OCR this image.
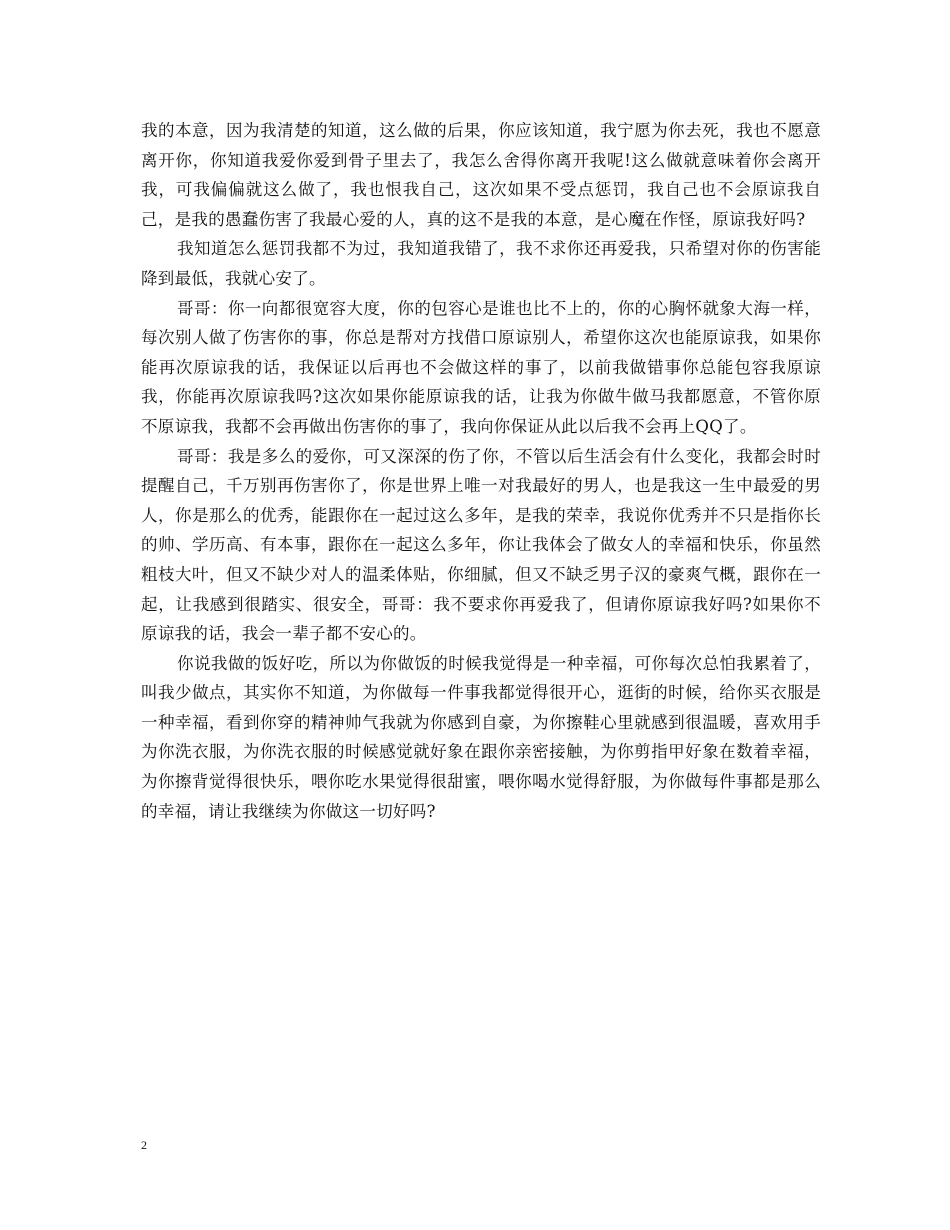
我的本意，因为我清楚的知道，这么做的后果，你应该知道，我宁愿为你去死，我也不愿意离开你，你知道我爱你爱到骨子里去了，我怎么舍得你离开我呢!这么做就意味着你会离开我，可我偏偏就这么做了，我也恨我自己，这次如果不受点惩罚，我自己也不会原谅我自己，是我的愚蠢伤害了我最心爱的人，真的这不是我的本意，是心魔在作怪，原谅我好吗?

我知道怎么惩罚我都不为过，我知道我错了，我不求你还再爱我，只希望对你的伤害能降到最低，我就心安了。

哥哥：你一向都很宽容大度，你的包容心是谁也比不上的，你的心胸怀就象大海一样，每次别人做了伤害你的事，你总是帮对方找借口原谅别人，希望你这次也能原谅我，如果你能再次原谅我的话，我保证以后再也不会做这样的事了，以前我做错事你总能包容我原谅我，你能再次原谅我吗?这次如果你能原谅我的话，让我为你做牛做马我都愿意，不管你原不原谅我，我都不会再做出伤害你的事了，我向你保证从此以后我不会再上QQ了。

哥哥：我是多么的爱你，可又深深的伤了你，不管以后生活会有什么变化，我都会时时提醒自己，千万别再伤害你了，你是世界上唯一对我最好的男人，也是我这一生中最爱的男人，你是那么的优秀，能跟你在一起过这么多年，是我的荣幸，我说你优秀并不只是指你长的帅、学历高、有本事，跟你在一起这么多年，你让我体会了做女人的幸福和快乐，你虽然粗枝大叶，但又不缺少对人的温柔体贴，你细腻，但又不缺乏男子汉的豪爽气概，跟你在一起，让我感到很踏实、很安全，哥哥：我不要求你再爱我了，但请你原谅我好吗?如果你不原谅我的话，我会一辈子都不安心的。

你说我做的饭好吃，所以为你做饭的时候我觉得是一种幸福，可你每次总怕我累着了，叫我少做点，其实你不知道，为你做每一件事我都觉得很开心，逛街的时候，给你买衣服是一种幸福，看到你穿的精神帅气我就为你感到自豪，为你擦鞋心里就感到很温暖，喜欢用手为你洗衣服，为你洗衣服的时候感觉就好象在跟你亲密接触，为你剪指甲好象在数着幸福，为你擦背觉得很快乐，喂你吃水果觉得很甜蜜，喂你喝水觉得舒服，为你做每件事都是那么的幸福，请让我继续为你做这一切好吗?

2
